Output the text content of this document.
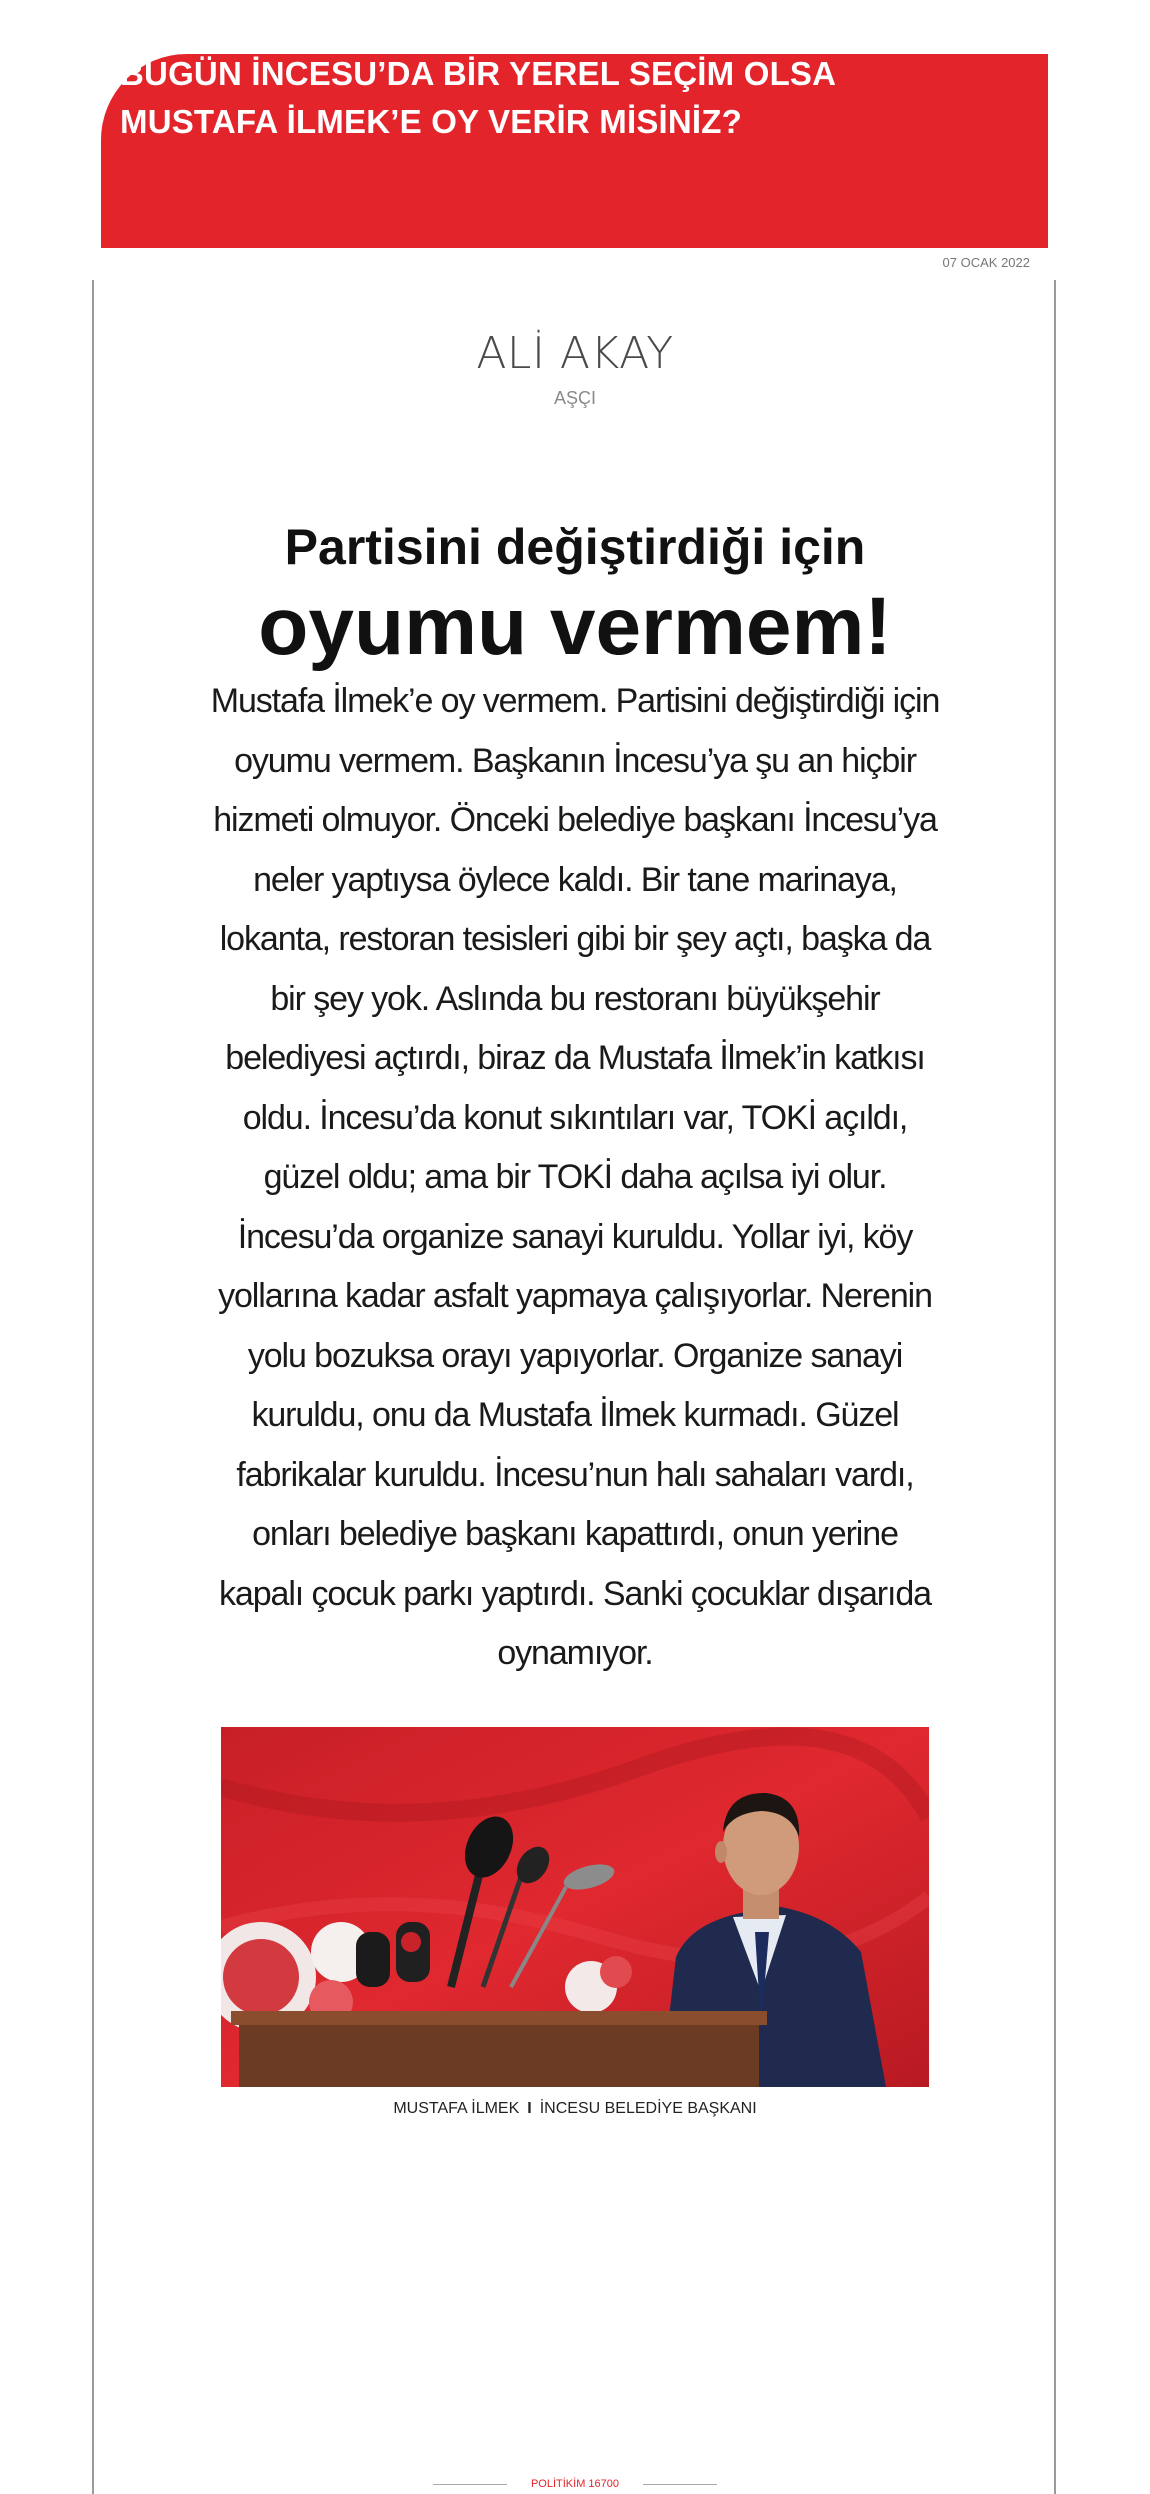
BUGÜN İNCESU’DA BİR YEREL SEÇİM OLSA
MUSTAFA İLMEK’E OY VERİR MİSİNİZ?
07 OCAK 2022
ALİ AKAY
AŞÇI
Partisini değiştirdiği için
oyumu vermem!

Mustafa İlmek’e oy vermem. Partisini değiştirdiği için oyumu vermem. Başkanın İncesu’ya şu an hiçbir hizmeti olmuyor. Önceki belediye başkanı İncesu’ya neler yaptıysa öylece kaldı. Bir tane marinaya, lokanta, restoran tesisleri gibi bir şey açtı, başka da bir şey yok. Aslında bu restoranı büyükşehir belediyesi açtırdı, biraz da Mustafa İlmek’in katkısı oldu. İncesu’da konut sıkıntıları var, TOKİ açıldı, güzel oldu; ama bir TOKİ daha açılsa iyi olur. İncesu’da organize sanayi kuruldu. Yollar iyi, köy yollarına kadar asfalt yapmaya çalışıyorlar. Nerenin yolu bozuksa orayı yapıyorlar. Organize sanayi kuruldu, onu da Mustafa İlmek kurmadı. Güzel fabrikalar kuruldu. İncesu’nun halı sahaları vardı, onları belediye başkanı kapattırdı, onun yerine kapalı çocuk parkı yaptırdı. Sanki çocuklar dışarıda oynamıyor.

MUSTAFA İLMEK I İNCESU BELEDİYE BAŞKANI
POLİTİKİM 16700
